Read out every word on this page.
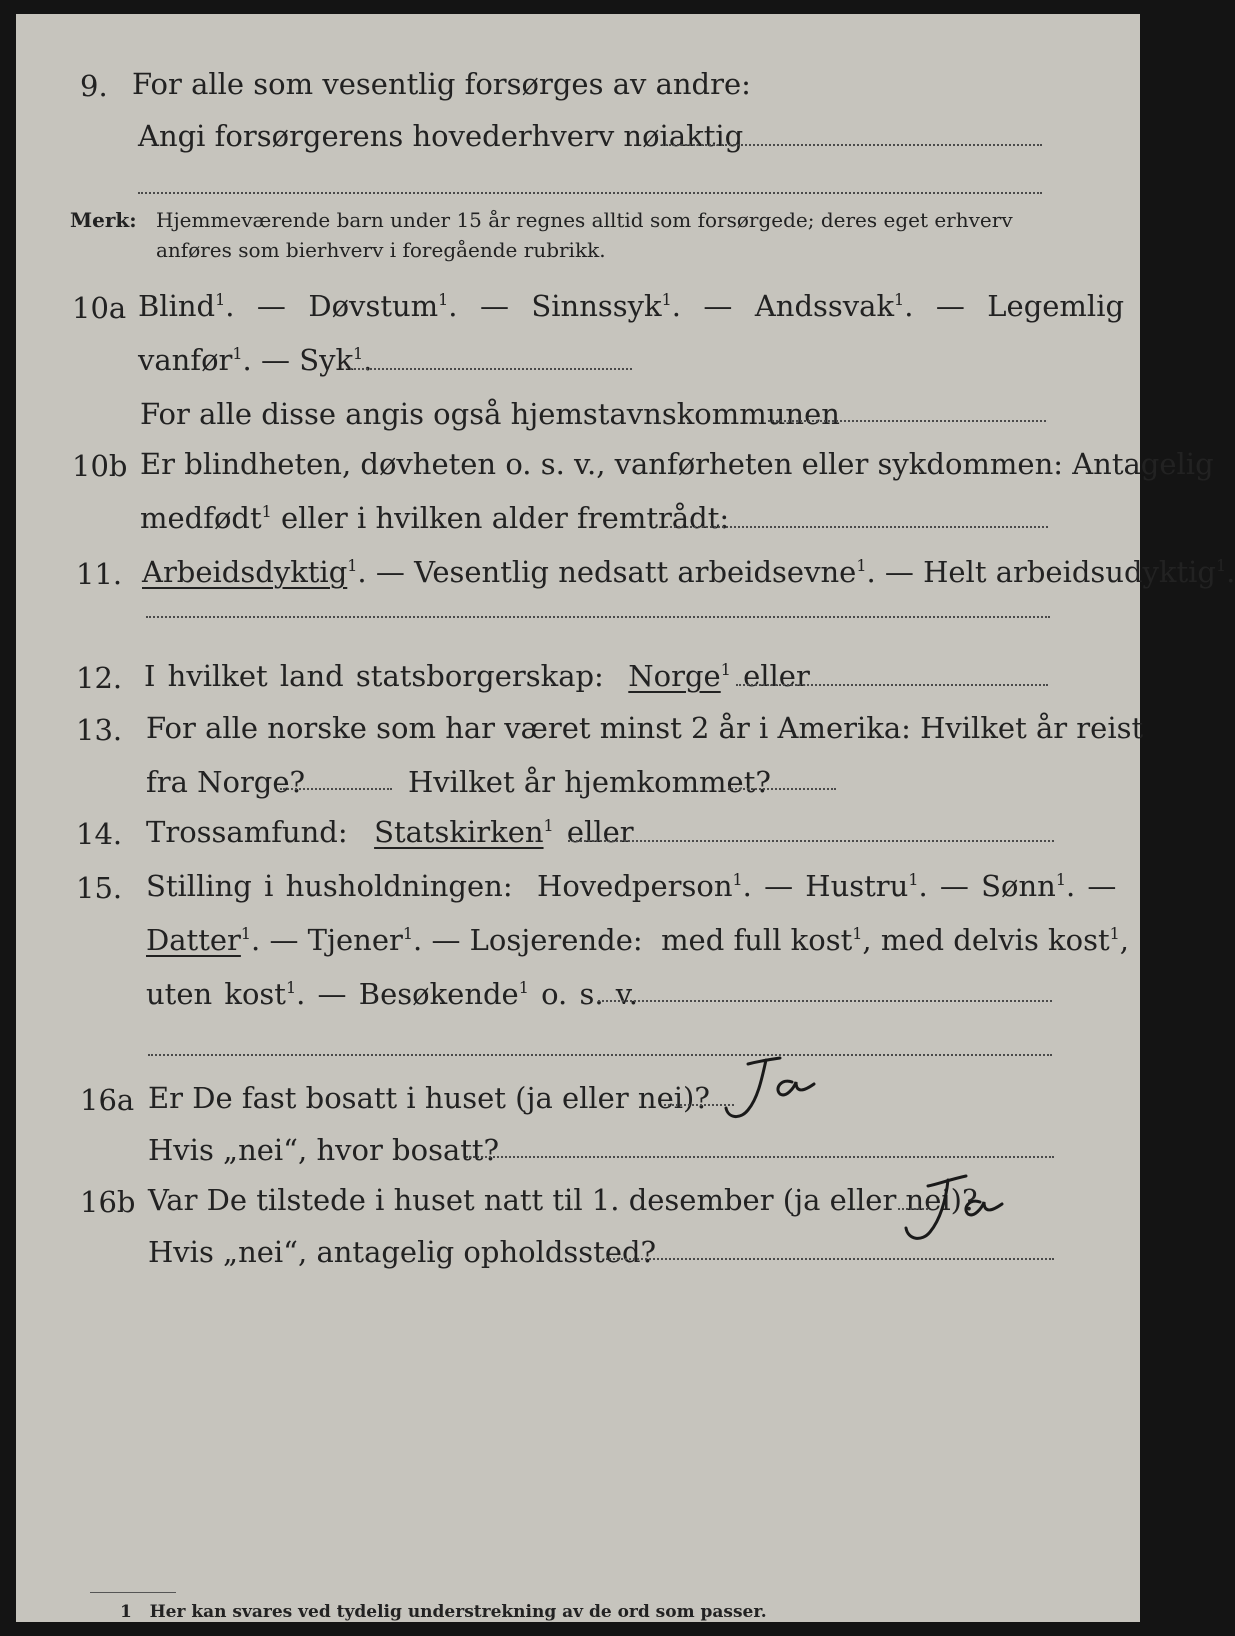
9. For alle som vesentlig forsørges av andre:
Angi forsørgerens hovederhverv nøiaktig
Merk: Hjemmeværende barn under 15 år regnes alltid som forsørgede; deres eget erhverv
anføres som bierhverv i foregående rubrikk.
10a Blind$^1$.  — Døvstum$^1$.  — Sinnssyk$^1$.  — Andssvak$^1$.  — Legemlig
vanfør$^1$. — Syk$^1$.
For alle disse angis også hjemstavnskommunen
10b Er blindheten, døvheten o. s. v., vanførheten eller sykdommen: Antagelig
medfødt$^1$ eller i hvilken alder fremtrådt:
11. Arbeidsdyktig$^1$. — Vesentlig nedsatt arbeidsevne$^1$. — Helt arbeidsudyktig$^1$.
12. I hvilket land statsborgerskap: Norge$^1$ eller
13. For alle norske som har været minst 2 år i Amerika: Hvilket år reist
fra Norge?	Hvilket år hjemkommet?
14. Trossamfund: Statskirken$^1$ eller
15. Stilling i husholdningen: Hovedperson$^1$. — Hustru$^1$. — Sønn$^1$. —
Datter$^1$. — Tjener$^1$. — Losjerende: med full kost$^1$, med delvis kost$^1$,
uten kost$^1$. — Besøkende$^1$ o. s. v.
16a Er De fast bosatt i huset (ja eller nei)?
Ja
Hvis „nei“, hvor bosatt?
16b Var De tilstede i huset natt til 1. desember (ja eller nei)?
Ja
Hvis „nei“, antagelig opholdssted?
1 Her kan svares ved tydelig understrekning av de ord som passer.
